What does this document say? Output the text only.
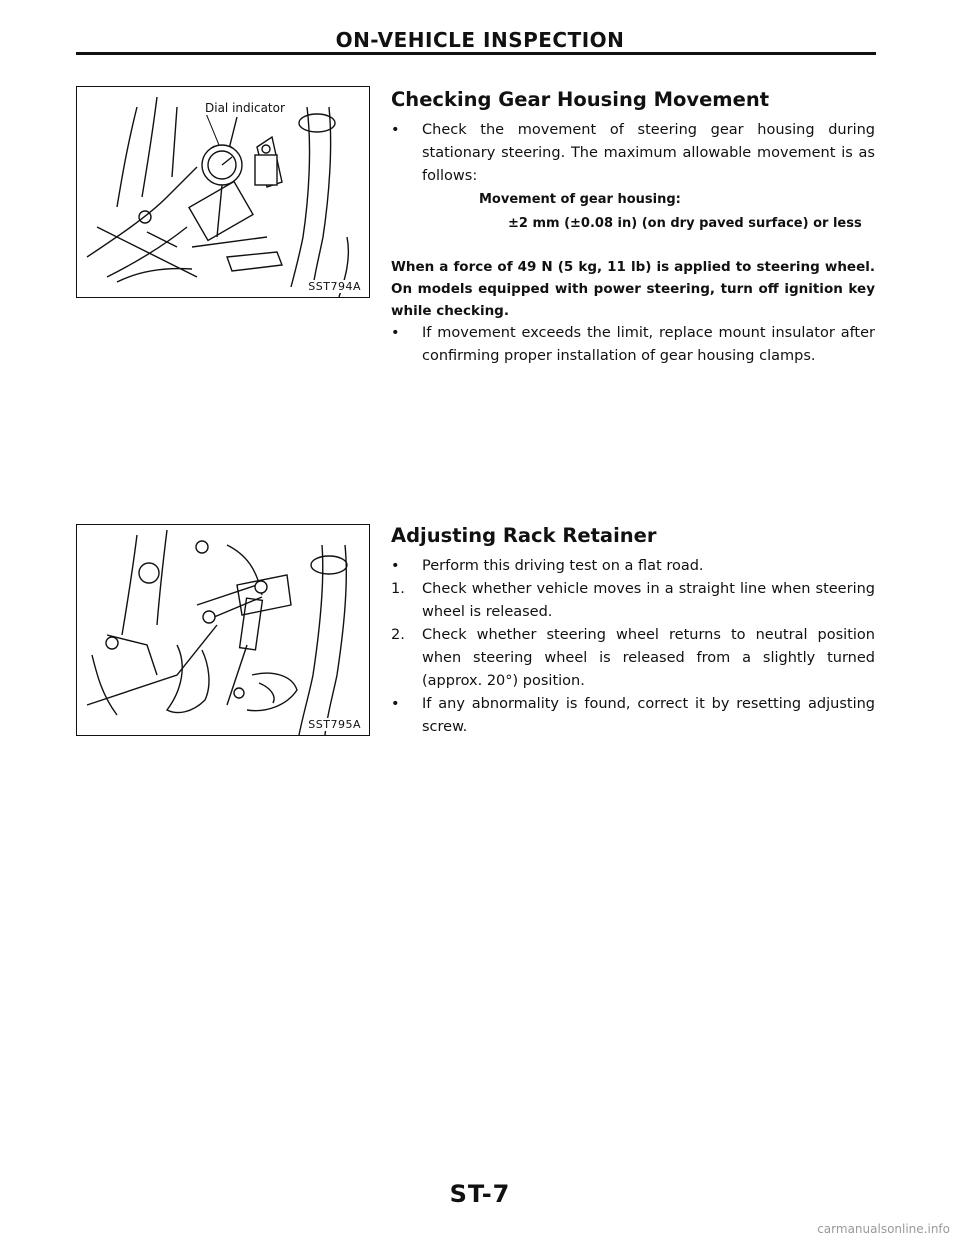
ON-VEHICLE INSPECTION
Dial indicator
SST794A
SST795A
Checking Gear Housing Movement
•	Check the movement of steering gear housing during stationary steering. The maximum allowable movement is as follows:
Movement of gear housing:
±2 mm (±0.08 in) (on dry paved surface) or less
When a force of 49 N (5 kg, 11 lb) is applied to steering wheel. On models equipped with power steering, turn off ignition key while checking.
•	If movement exceeds the limit, replace mount insulator after confirming proper installation of gear housing clamps.
Adjusting Rack Retainer
•	Perform this driving test on a flat road.
1.	Check whether vehicle moves in a straight line when steering wheel is released.
2.	Check whether steering wheel returns to neutral position when steering wheel is released from a slightly turned (approx. 20°) position.
•	If any abnormality is found, correct it by resetting adjusting screw.
ST-7
carmanualsonline.info
